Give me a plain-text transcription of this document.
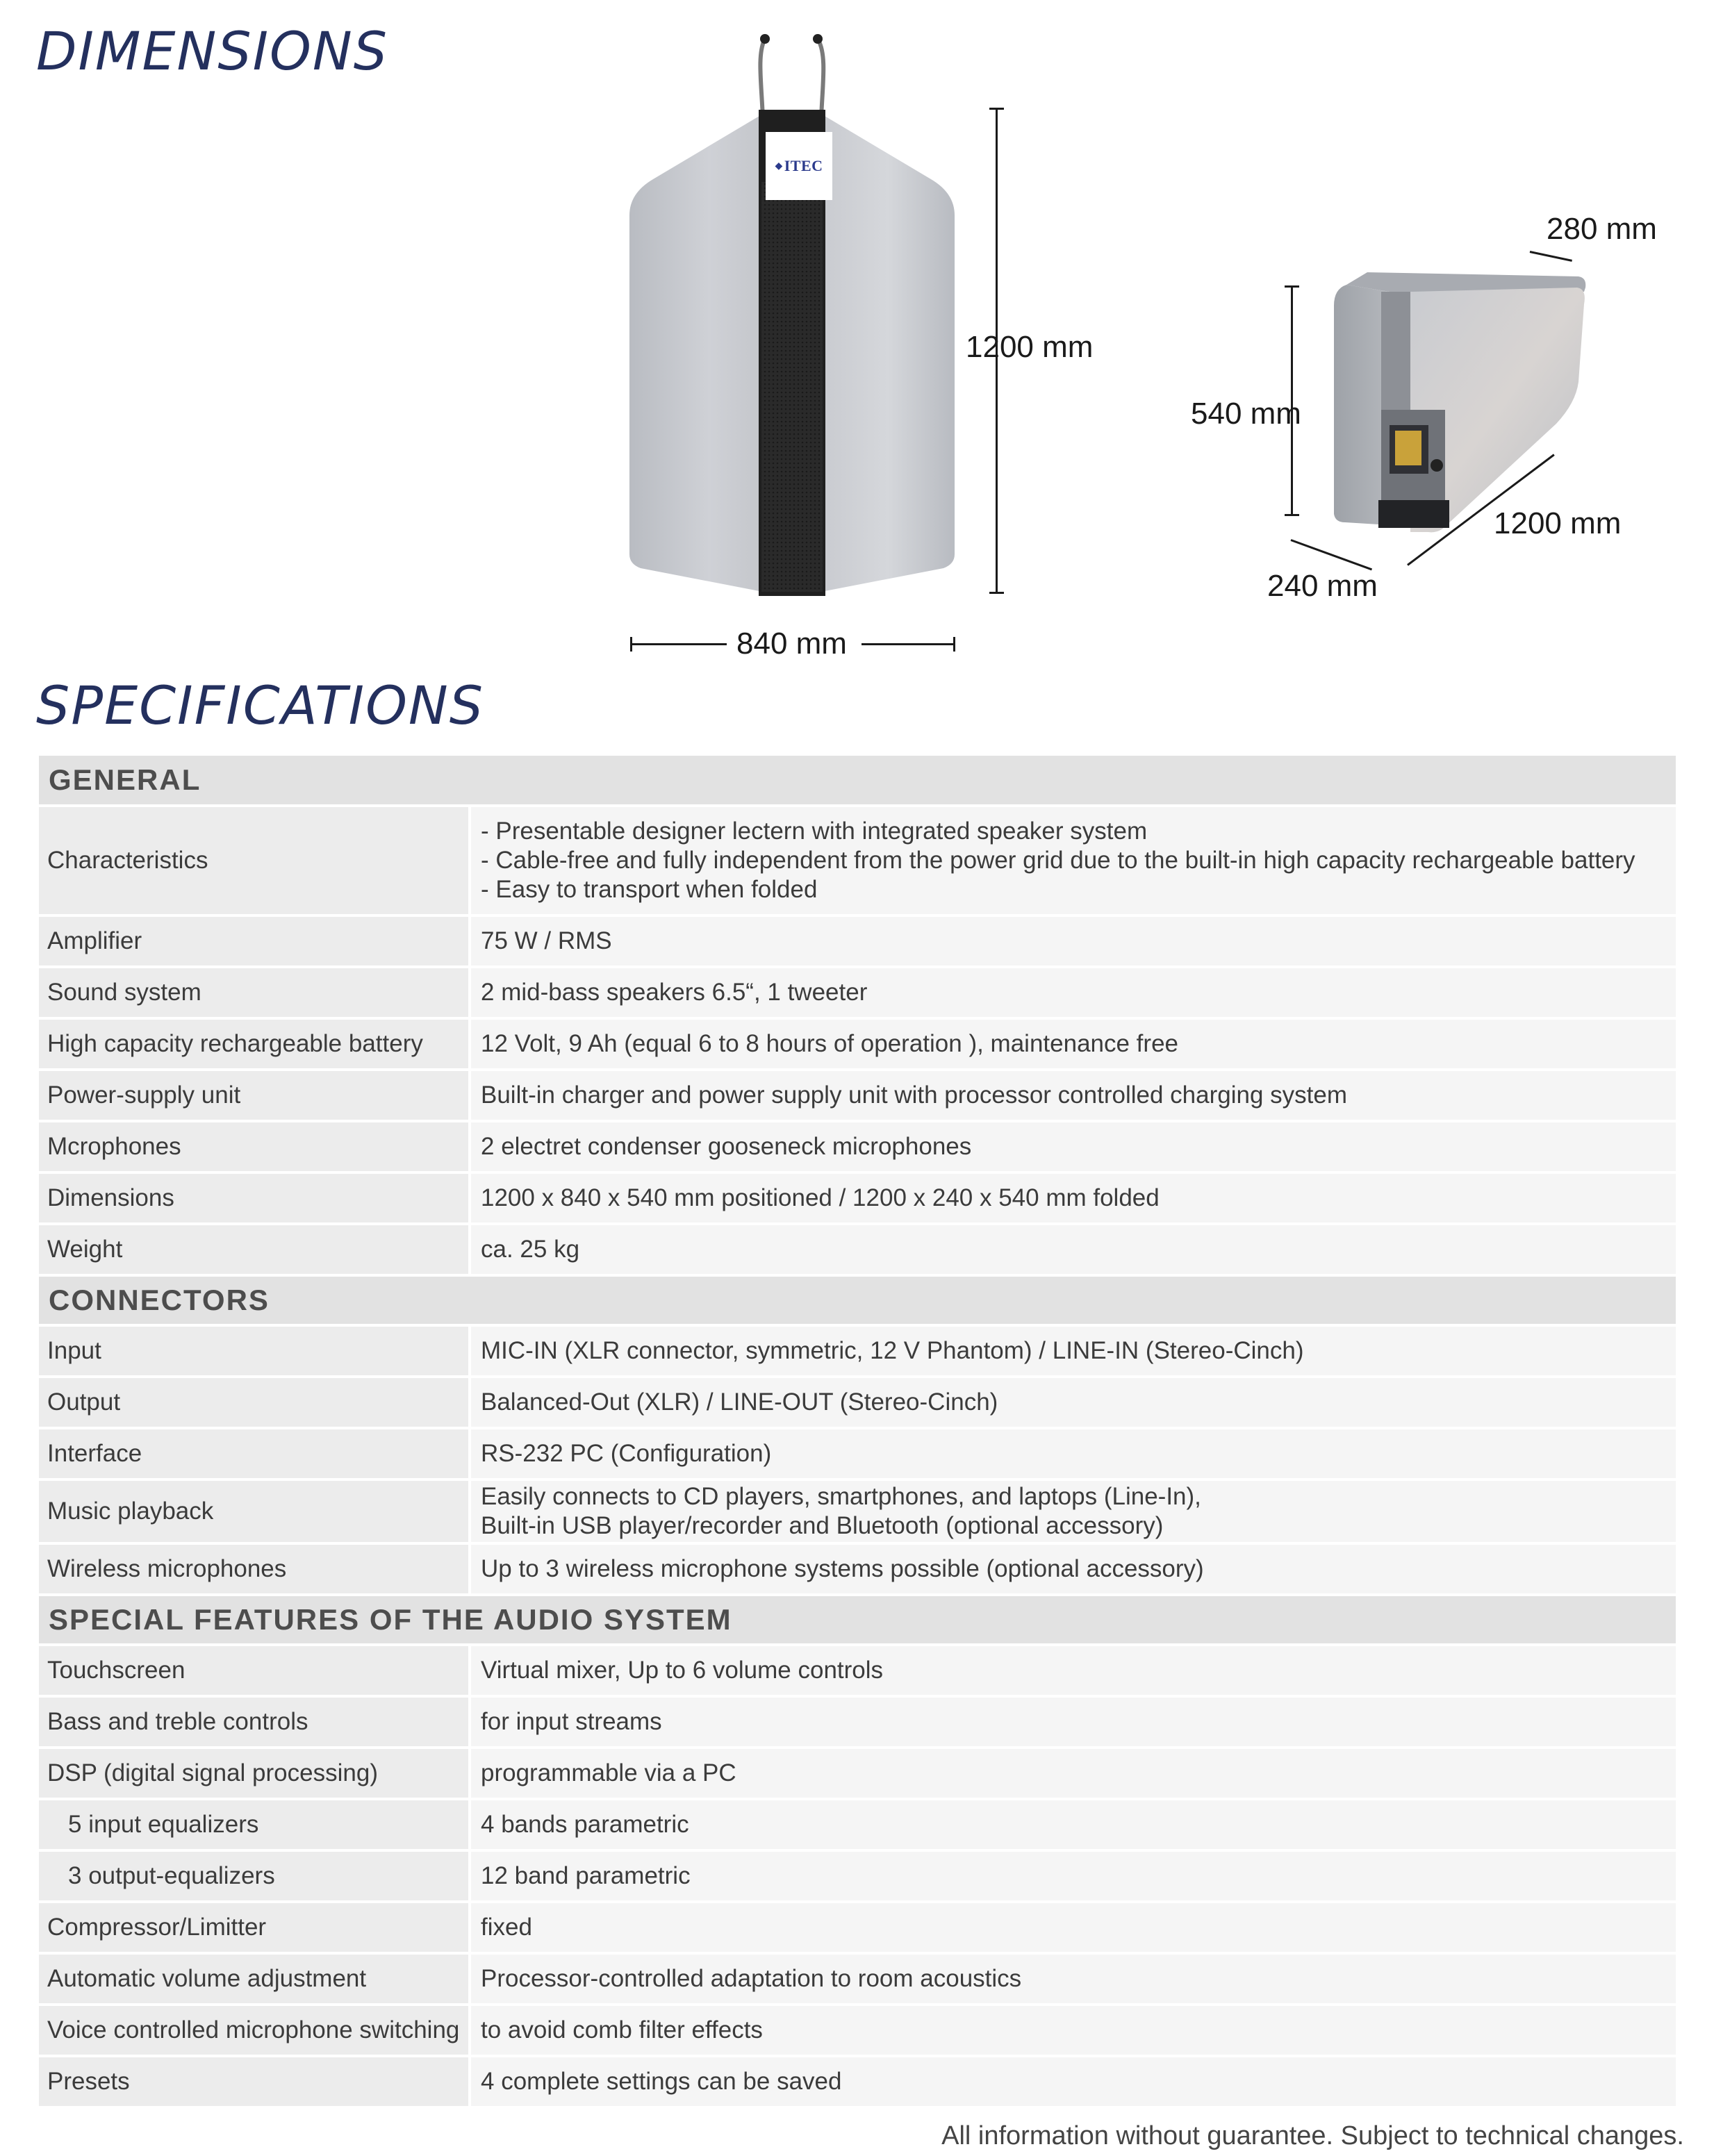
DIMENSIONS
SPECIFICATIONS
◆ ITEC
1200 mm
840 mm
280 mm
540 mm
1200 mm
240 mm
GENERAL	
Characteristics	- Presentable designer lectern with integrated speaker system
- Cable-free and fully independent from the power grid due to the built-in high capacity rechargeable battery
- Easy to transport when folded

Amplifier	75 W / RMS
Sound system	2 mid-bass speakers 6.5“, 1 tweeter
High capacity rechargeable battery	12 Volt, 9 Ah (equal 6 to 8 hours of operation ), maintenance free
Power-supply unit	Built-in charger and power supply unit with processor controlled charging system
Mcrophones	2 electret condenser gooseneck microphones
Dimensions	1200 x 840 x 540 mm positioned / 1200 x 240 x 540 mm folded
Weight	ca. 25 kg
CONNECTORS	
Input	MIC-IN (XLR connector, symmetric, 12 V Phantom) / LINE-IN (Stereo-Cinch)
Output	Balanced-Out (XLR) / LINE-OUT (Stereo-Cinch)
Interface	RS-232 PC (Configuration)
Music playback	Easily connects to CD players, smartphones, and laptops (Line-In),
Built-in USB player/recorder and Bluetooth (optional accessory)

Wireless microphones	Up to 3 wireless microphone systems possible (optional accessory)
SPECIAL FEATURES OF THE AUDIO SYSTEM	
Touchscreen	Virtual mixer, Up to 6 volume controls
Bass and treble controls	for input streams
DSP (digital signal processing)	programmable via a PC
5 input equalizers	4 bands parametric
3 output-equalizers	12 band parametric
Compressor/Limitter	fixed
Automatic volume adjustment	Processor-controlled adaptation to room acoustics
Voice controlled microphone switching	to avoid comb filter effects
Presets	4 complete settings can be saved
All information without guarantee. Subject to technical changes.
